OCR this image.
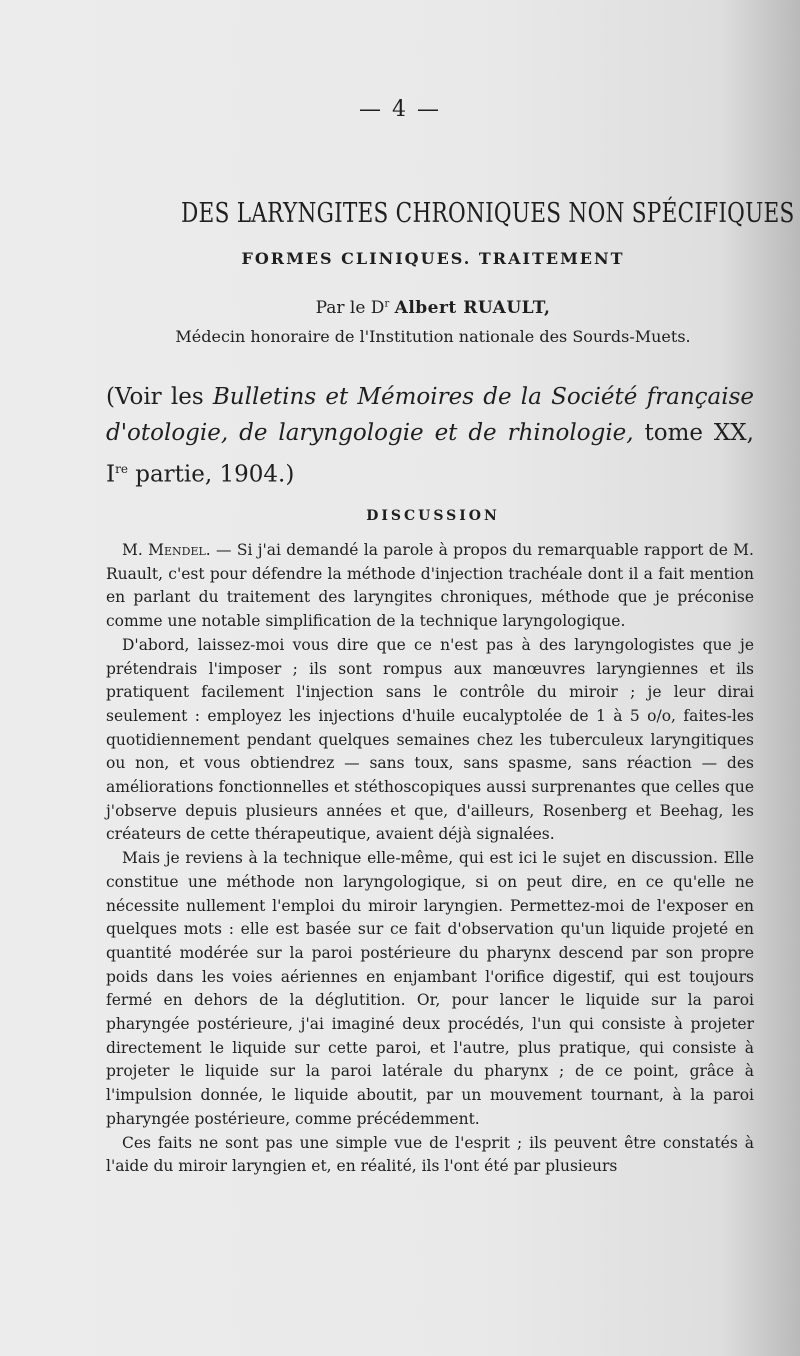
— 4 —
DES LARYNGITES CHRONIQUES NON SPÉCIFIQUES
FORMES CLINIQUES. TRAITEMENT
Par le $D^r$ Albert RUAULT,
Médecin honoraire de l'Institution nationale des Sourds-Muets.
(Voir les Bulletins et Mémoires de la Société française d'otologie, de laryngologie et de rhinologie, tome XX, Ire partie, 1904.)
DISCUSSION

M. Mendel. — Si j'ai demandé la parole à propos du remarquable rapport de M. Ruault, c'est pour défendre la méthode d'injection trachéale dont il a fait mention en parlant du traitement des laryngites chroniques, méthode que je préconise comme une notable simplification de la technique laryngologique.

D'abord, laissez-moi vous dire que ce n'est pas à des laryngologistes que je prétendrais l'imposer ; ils sont rompus aux manœuvres laryngiennes et ils pratiquent facilement l'injection sans le contrôle du miroir ; je leur dirai seulement : employez les injections d'huile eucalyptolée de 1 à 5 o/o, faites-les quotidiennement pendant quelques semaines chez les tuberculeux laryngitiques ou non, et vous obtiendrez — sans toux, sans spasme, sans réaction — des améliorations fonctionnelles et stéthoscopiques aussi surprenantes que celles que j'observe depuis plusieurs années et que, d'ailleurs, Rosenberg et Beehag, les créateurs de cette thérapeutique, avaient déjà signalées.

Mais je reviens à la technique elle-même, qui est ici le sujet en discussion. Elle constitue une méthode non laryngologique, si on peut dire, en ce qu'elle ne nécessite nullement l'emploi du miroir laryngien. Permettez-moi de l'exposer en quelques mots : elle est basée sur ce fait d'observation qu'un liquide projeté en quantité modérée sur la paroi postérieure du pharynx descend par son propre poids dans les voies aériennes en enjambant l'orifice digestif, qui est toujours fermé en dehors de la déglutition. Or, pour lancer le liquide sur la paroi pharyngée postérieure, j'ai imaginé deux procédés, l'un qui consiste à projeter directement le liquide sur cette paroi, et l'autre, plus pratique, qui consiste à projeter le liquide sur la paroi latérale du pharynx ; de ce point, grâce à l'impulsion donnée, le liquide aboutit, par un mouvement tournant, à la paroi pharyngée postérieure, comme précédemment.

Ces faits ne sont pas une simple vue de l'esprit ; ils peuvent être constatés à l'aide du miroir laryngien et, en réalité, ils l'ont été par plusieurs
